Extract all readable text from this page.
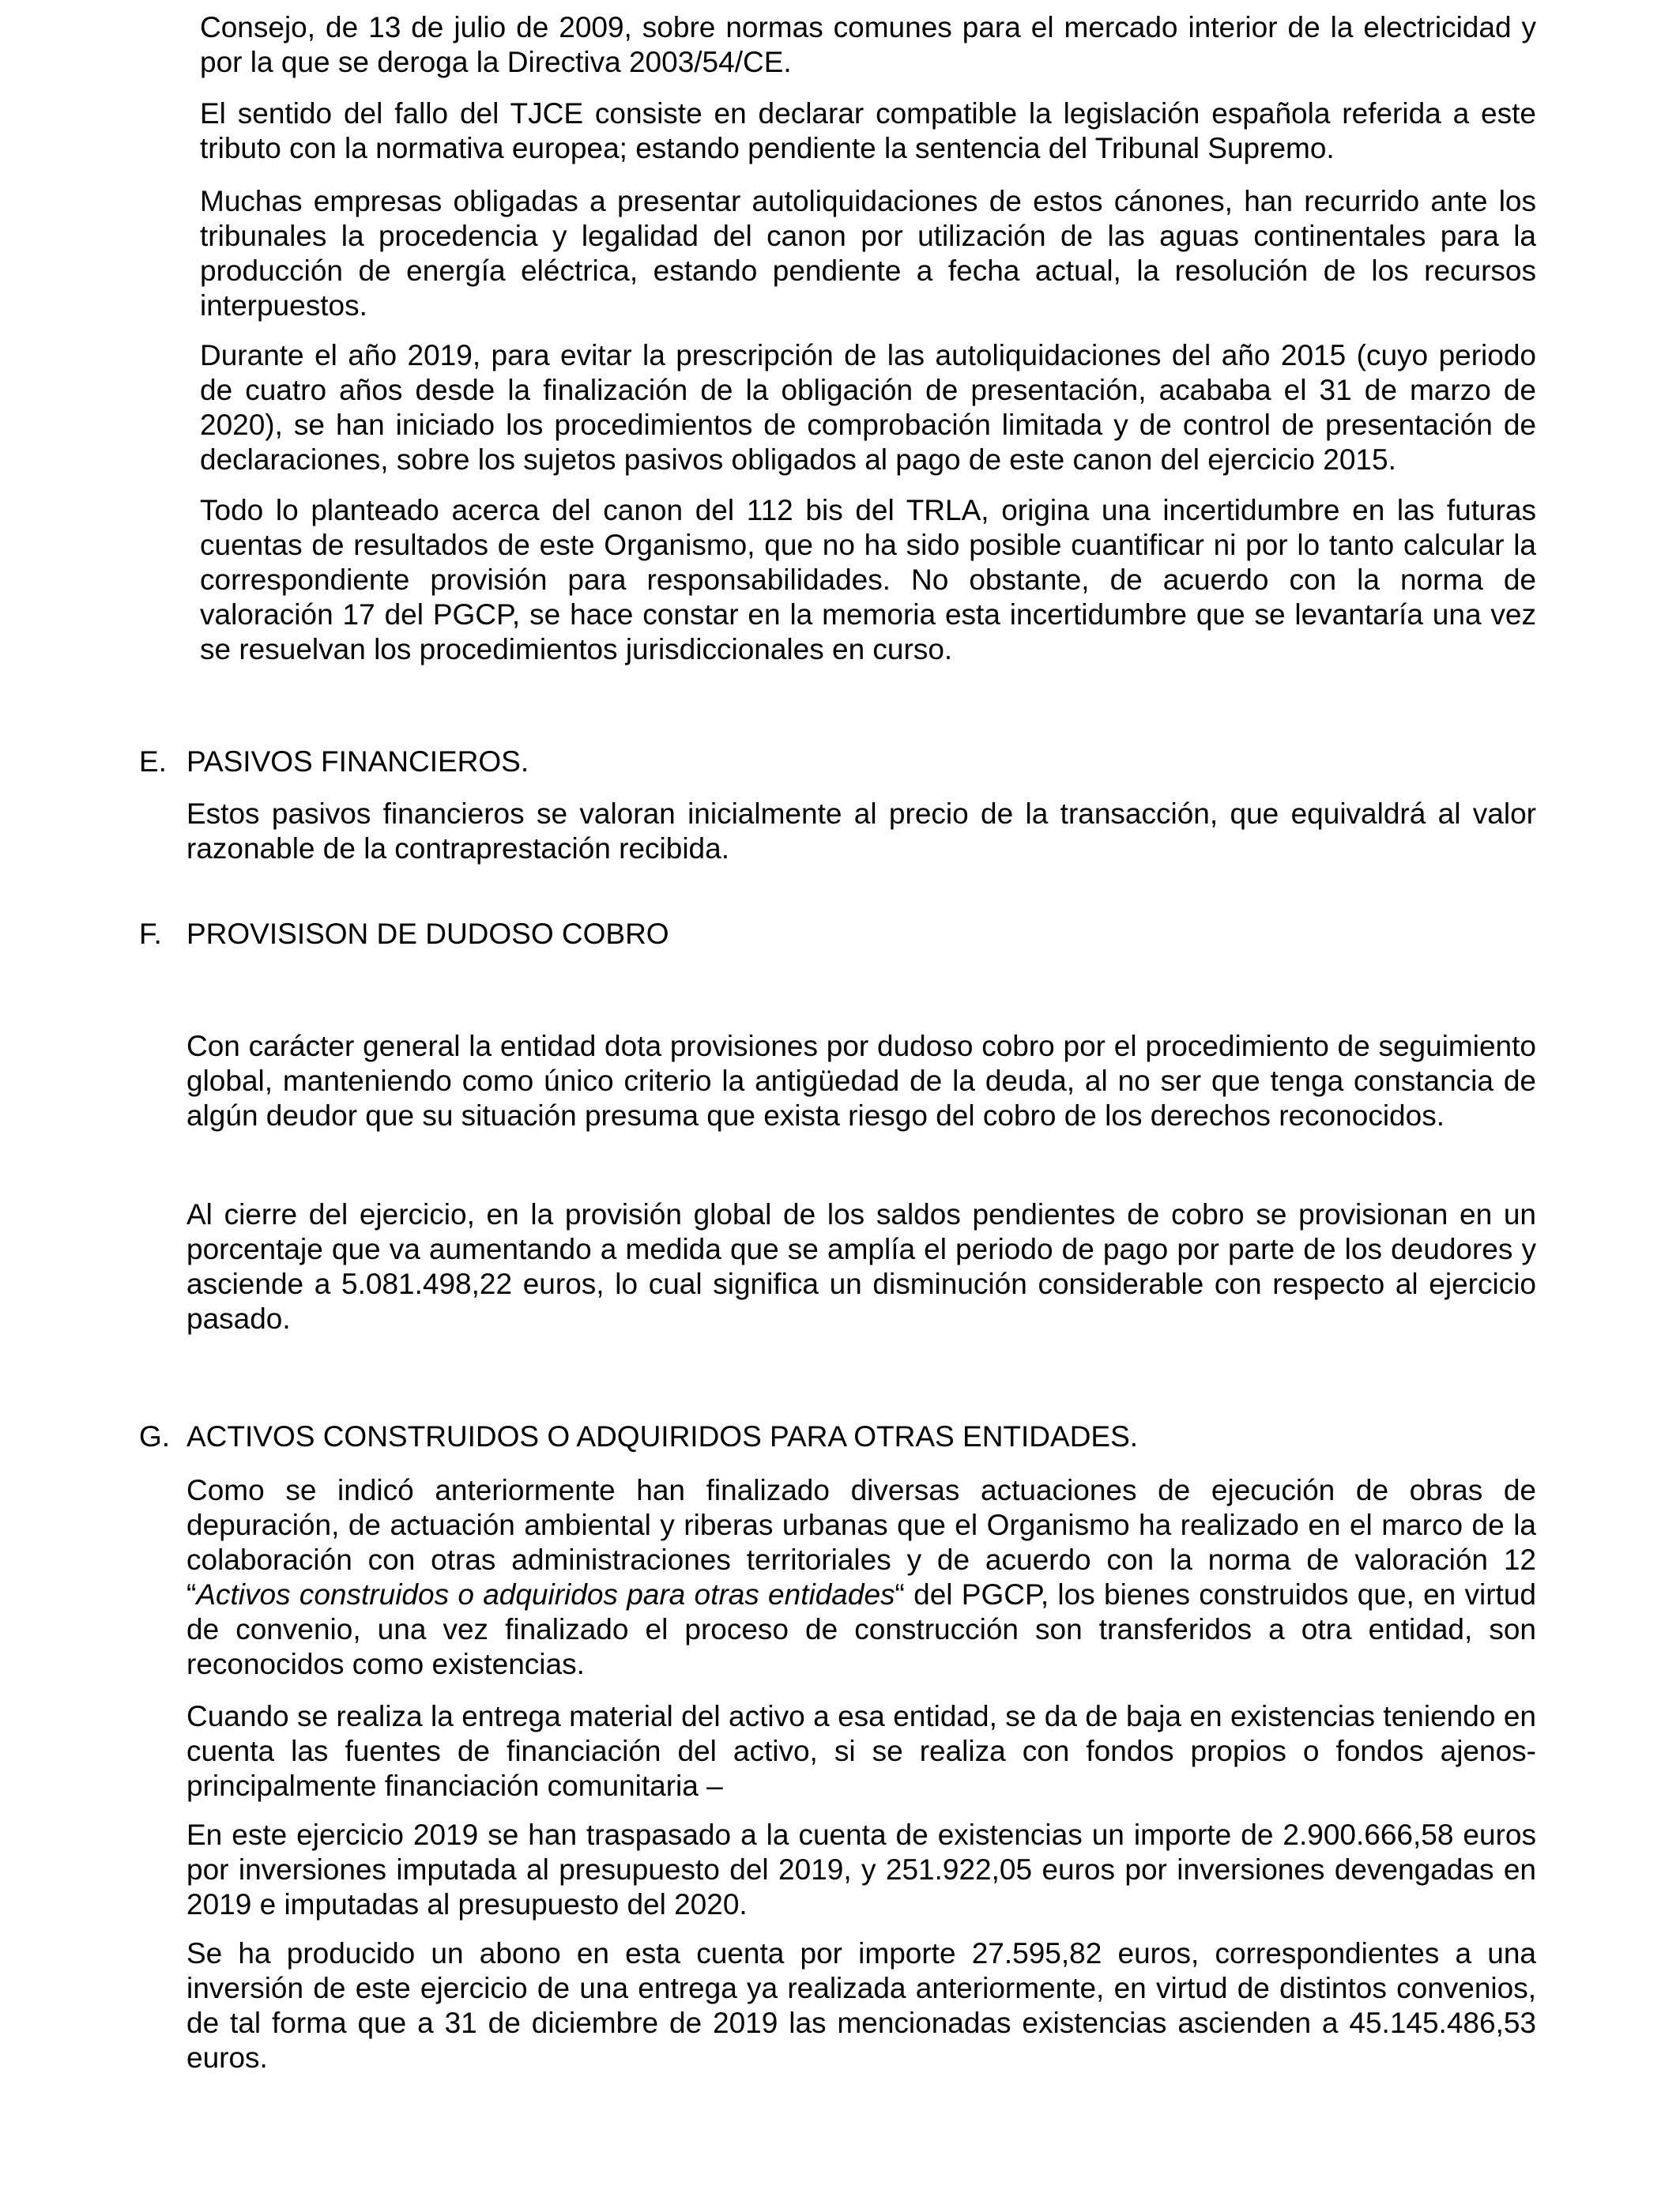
Consejo, de 13 de julio de 2009, sobre normas comunes para el mercado interior de la electricidad y por la que se deroga la Directiva 2003/54/CE.

El sentido del fallo del TJCE consiste en declarar compatible la legislación española referida a este tributo con la normativa europea; estando pendiente la sentencia del Tribunal Supremo.

Muchas empresas obligadas a presentar autoliquidaciones de estos cánones, han recurrido ante los tribunales la procedencia y legalidad del canon por utilización de las aguas continentales para la producción de energía eléctrica, estando pendiente a fecha actual, la resolución de los recursos interpuestos.

Durante el año 2019, para evitar la prescripción de las autoliquidaciones del año 2015 (cuyo periodo de cuatro años desde la finalización de la obligación de presentación, acababa el 31 de marzo de 2020), se han iniciado los procedimientos de comprobación limitada y de control de presentación de declaraciones, sobre los sujetos pasivos obligados al pago de este canon del ejercicio 2015.

Todo lo planteado acerca del canon del 112 bis del TRLA, origina una incertidumbre en las futuras cuentas de resultados de este Organismo, que no ha sido posible cuantificar ni por lo tanto calcular la correspondiente provisión para responsabilidades. No obstante, de acuerdo con la norma de valoración 17 del PGCP, se hace constar en la memoria esta incertidumbre que se levantaría una vez se resuelvan los procedimientos jurisdiccionales en curso.

E. PASIVOS FINANCIEROS.

Estos pasivos financieros se valoran inicialmente al precio de la transacción, que equivaldrá al valor razonable de la contraprestación recibida.

F. PROVISISON DE DUDOSO COBRO

Con carácter general la entidad dota provisiones por dudoso cobro por el procedimiento de seguimiento global, manteniendo como único criterio la antigüedad de la deuda, al no ser que tenga constancia de algún deudor que su situación presuma que exista riesgo del cobro de los derechos reconocidos.

Al cierre del ejercicio, en la provisión global de los saldos pendientes de cobro se provisionan en un porcentaje que va aumentando a medida que se amplía el periodo de pago por parte de los deudores y asciende a 5.081.498,22 euros, lo cual significa un disminución considerable con respecto al ejercicio pasado.

G. ACTIVOS CONSTRUIDOS O ADQUIRIDOS PARA OTRAS ENTIDADES.

Como se indicó anteriormente han finalizado diversas actuaciones de ejecución de obras de depuración, de actuación ambiental y riberas urbanas que el Organismo ha realizado en el marco de la colaboración con otras administraciones territoriales y de acuerdo con la norma de valoración 12 “Activos construidos o adquiridos para otras entidades“ del PGCP, los bienes construidos que, en virtud de convenio, una vez finalizado el proceso de construcción son transferidos a otra entidad, son reconocidos como existencias.

Cuando se realiza la entrega material del activo a esa entidad, se da de baja en existencias teniendo en cuenta las fuentes de financiación del activo, si se realiza con fondos propios o fondos ajenos-principalmente financiación comunitaria –

En este ejercicio 2019 se han traspasado a la cuenta de existencias un importe de 2.900.666,58 euros por inversiones imputada al presupuesto del 2019, y 251.922,05 euros por inversiones devengadas en 2019 e imputadas al presupuesto del 2020.

Se ha producido un abono en esta cuenta por importe 27.595,82 euros, correspondientes a una inversión de este ejercicio de una entrega ya realizada anteriormente, en virtud de distintos convenios, de tal forma que a 31 de diciembre de 2019 las mencionadas existencias ascienden a 45.145.486,53 euros.
